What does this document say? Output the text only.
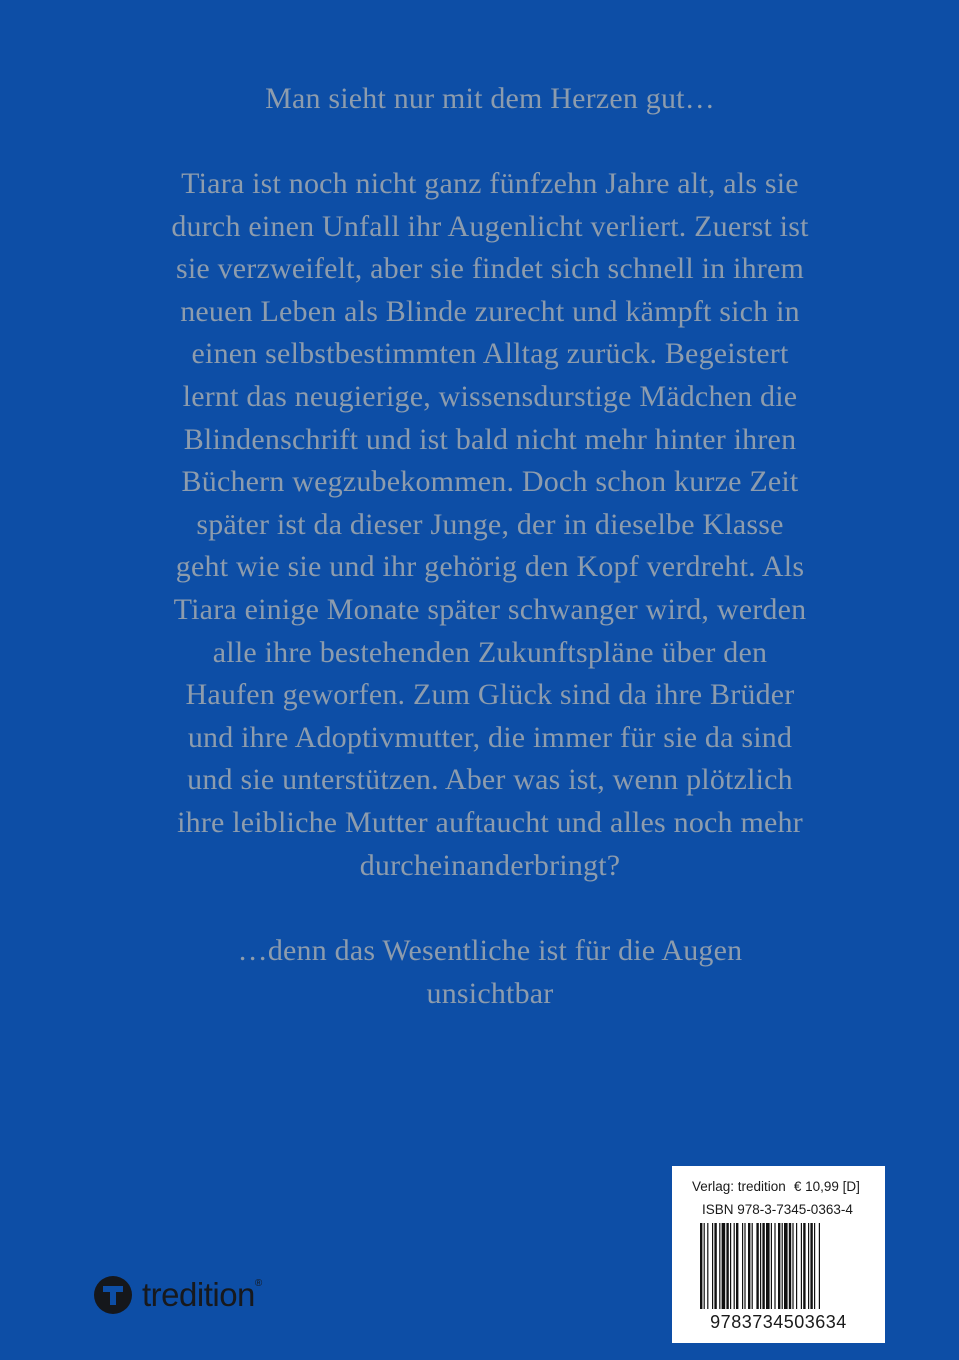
Man sieht nur mit dem Herzen gut…
Tiara ist noch nicht ganz fünfzehn Jahre alt, als sie
durch einen Unfall ihr Augenlicht verliert. Zuerst ist
sie verzweifelt, aber sie findet sich schnell in ihrem
neuen Leben als Blinde zurecht und kämpft sich in
einen selbstbestimmten Alltag zurück. Begeistert
lernt das neugierige, wissensdurstige Mädchen die
Blindenschrift und ist bald nicht mehr hinter ihren
Büchern wegzubekommen. Doch schon kurze Zeit
später ist da dieser Junge, der in dieselbe Klasse
geht wie sie und ihr gehörig den Kopf verdreht. Als
Tiara einige Monate später schwanger wird, werden
alle ihre bestehenden Zukunftspläne über den
Haufen geworfen. Zum Glück sind da ihre Brüder
und ihre Adoptivmutter, die immer für sie da sind
und sie unterstützen. Aber was ist, wenn plötzlich
ihre leibliche Mutter auftaucht und alles noch mehr
durcheinanderbringt?
…denn das Wesentliche ist für die Augen
unsichtbar
tredition®
Verlag: tredition € 10,99 [D]
ISBN 978-3-7345-0363-4
9783734503634
